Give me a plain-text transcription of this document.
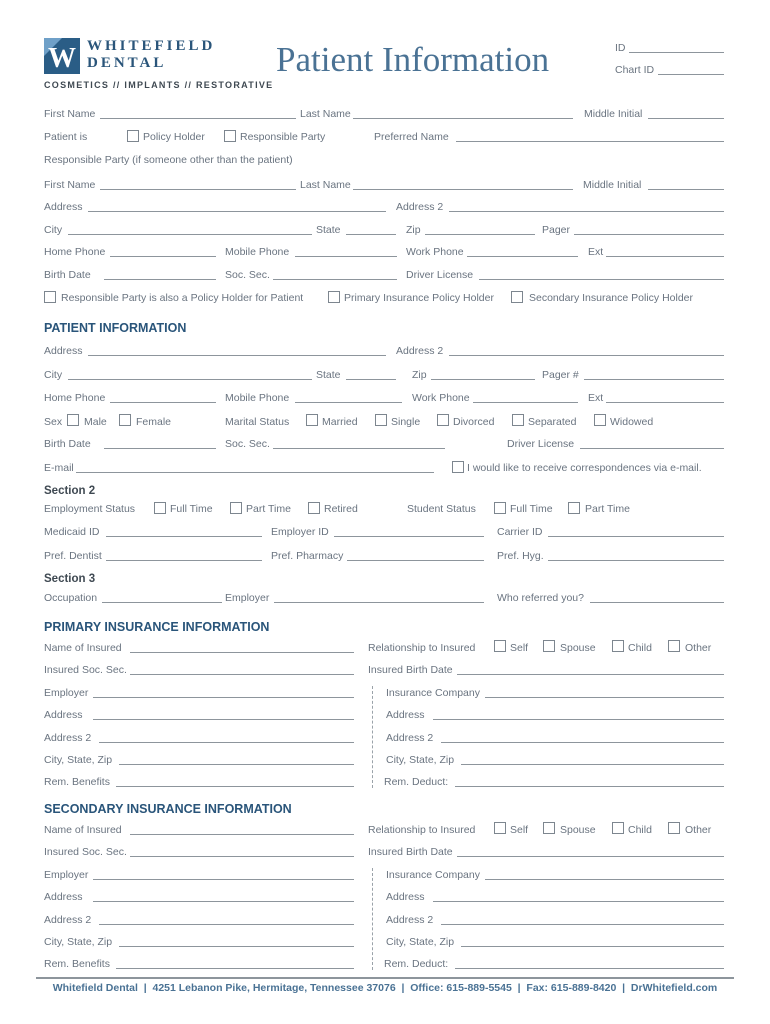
W WHITEFIELD
DENTAL
COSMETICS // IMPLANTS // RESTORATIVE
Patient Information	ID
Chart ID
First Name	Last Name	Middle Initial
Patient is	Policy Holder	Responsible Party	Preferred Name
Responsible Party (if someone other than the patient)
First Name	Last Name	Middle Initial
Address	Address 2
City	State	Zip	Pager
Home Phone	Mobile Phone	Work Phone	Ext
Birth Date	Soc. Sec.	Driver License
Responsible Party is also a Policy Holder for Patient	Primary Insurance Policy Holder	Secondary Insurance Policy Holder
PATIENT INFORMATION
Address	Address 2
City	State	Zip	Pager #
Home Phone	Mobile Phone	Work Phone	Ext
Sex Male	Female	Marital Status	Married	Single	Divorced	Separated	Widowed
Birth Date	Soc. Sec.	Driver License
E-mail	I would like to receive correspondences via e-mail.
Section 2
Employment Status	Full Time	Part Time	Retired	Student Status	Full Time	Part Time
Medicaid ID	Employer ID	Carrier ID
Pref. Dentist	Pref. Pharmacy	Pref. Hyg.
Section 3
Occupation	Employer	Who referred you?
PRIMARY INSURANCE INFORMATION
Name of Insured	Relationship to Insured	Self	Spouse	Child	Other
Insured Soc. Sec.	Insured Birth Date
Employer	Insurance Company
Address	Address
Address 2	Address 2
City, State, Zip	City, State, Zip
Rem. Benefits	Rem. Deduct:
SECONDARY INSURANCE INFORMATION
Name of Insured	Relationship to Insured	Self	Spouse	Child	Other
Insured Soc. Sec.	Insured Birth Date
Employer	Insurance Company
Address	Address
Address 2	Address 2
City, State, Zip	City, State, Zip
Rem. Benefits	Rem. Deduct:
Whitefield Dental  |  4251 Lebanon Pike, Hermitage, Tennessee 37076  |  Office: 615-889-5545  |  Fax: 615-889-8420  |  DrWhitefield.com
